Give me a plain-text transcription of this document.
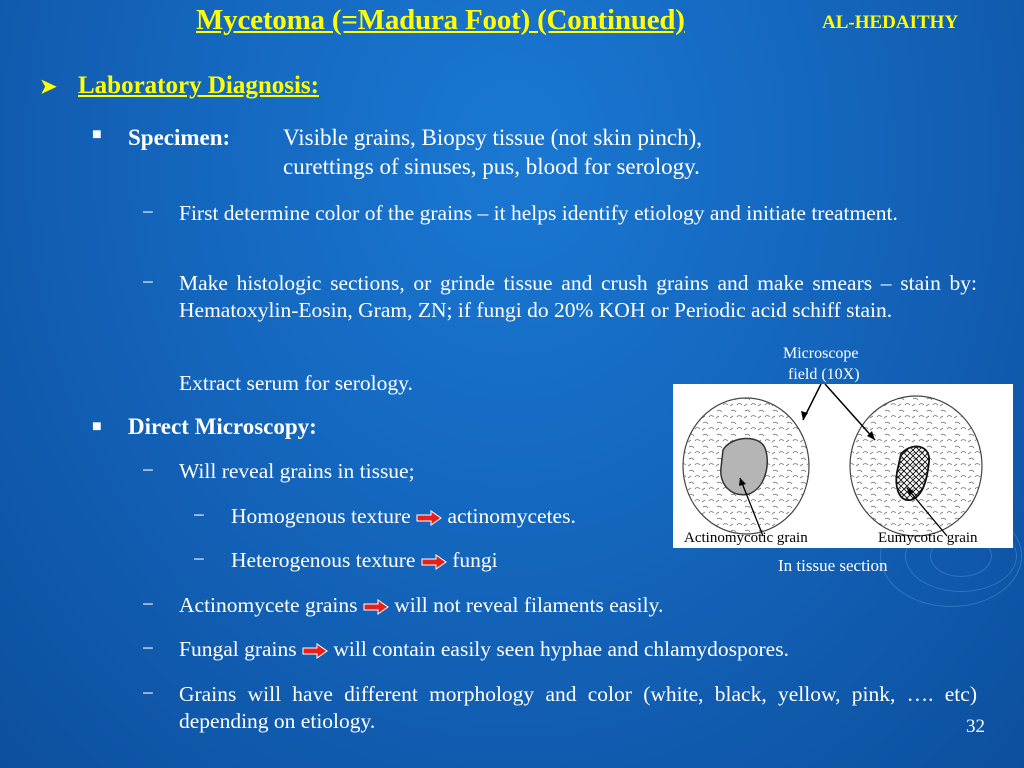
Mycetoma (=Madura Foot) (Continued)	AL-HEDAITHY
➤ Laboratory Diagnosis:
■ Specimen: Visible grains, Biopsy tissue (not skin pinch),
curettings of sinuses, pus, blood for serology.
− First determine color of the grains – it helps identify etiology and initiate treatment.
− Make histologic sections, or grinde tissue and crush grains and make smears – stain by: Hematoxylin-Eosin, Gram, ZN; if fungi do 20% KOH or Periodic acid schiff stain.
Extract serum for serology.
■ Direct Microscopy:
− Will reveal grains in tissue;
− Homogenous texture actinomycetes.
− Heterogenous texture fungi
− Actinomycete grains will not reveal filaments easily.
− Fungal grains will contain easily seen hyphae and chlamydospores.
− Grains will have different morphology and color (white, black, yellow, pink, …. etc) depending on etiology.
Microscope
field (10X)
Actinomycotic grain	Eumycotic grain
In tissue section
32
